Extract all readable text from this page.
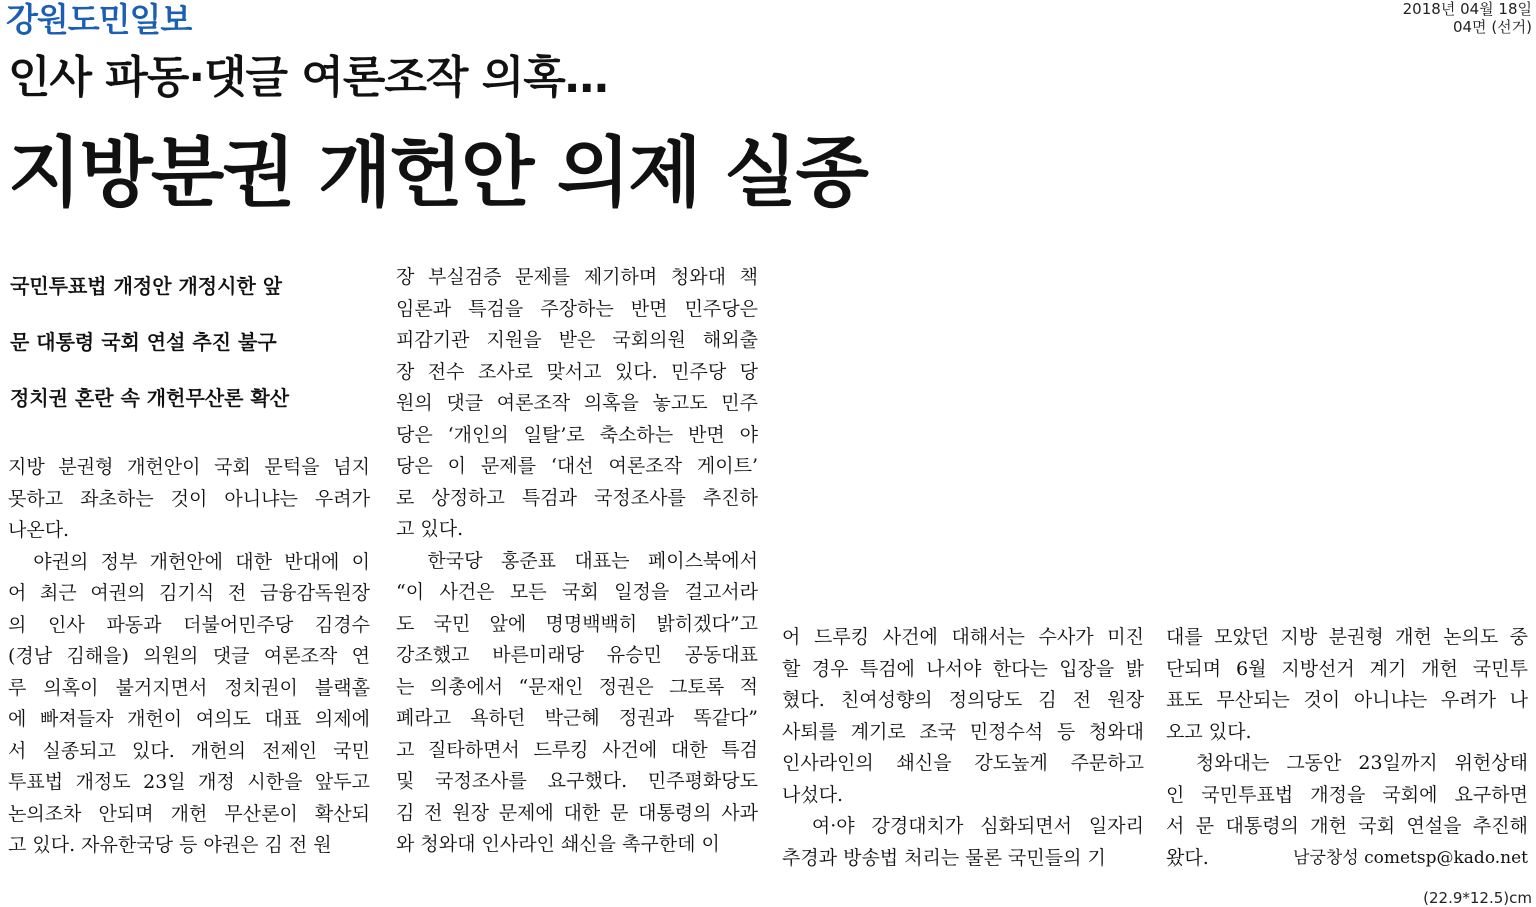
강원도민일보	2018년 04월 18일
04면 (선거)
인사 파동·댓글 여론조작 의혹…
지방분권 개헌안 의제 실종
국민투표법 개정안 개정시한 앞
문 대통령 국회 연설 추진 불구
정치권 혼란 속 개헌무산론 확산
지방 분권형 개헌안이 국회 문턱을 넘지
못하고 좌초하는 것이 아니냐는 우려가
나온다.
　야권의 정부 개헌안에 대한 반대에 이
어 최근 여권의 김기식 전 금융감독원장
의 인사 파동과 더불어민주당 김경수
(경남 김해을) 의원의 댓글 여론조작 연
루 의혹이 불거지면서 정치권이 블랙홀
에 빠져들자 개헌이 여의도 대표 의제에
서 실종되고 있다. 개헌의 전제인 국민
투표법 개정도 23일 개정 시한을 앞두고
논의조차 안되며 개헌 무산론이 확산되
고 있다. 자유한국당 등 야권은 김 전 원
장 부실검증 문제를 제기하며 청와대 책
임론과 특검을 주장하는 반면 민주당은
피감기관 지원을 받은 국회의원 해외출
장 전수 조사로 맞서고 있다. 민주당 당
원의 댓글 여론조작 의혹을 놓고도 민주
당은 ‘개인의 일탈’로 축소하는 반면 야
당은 이 문제를 ‘대선 여론조작 게이트’
로 상정하고 특검과 국정조사를 추진하
고 있다.
　한국당 홍준표 대표는 페이스북에서
“이 사건은 모든 국회 일정을 걸고서라
도 국민 앞에 명명백백히 밝히겠다”고
강조했고 바른미래당 유승민 공동대표
는 의총에서 “문재인 정권은 그토록 적
폐라고 욕하던 박근혜 정권과 똑같다”
고 질타하면서 드루킹 사건에 대한 특검
및 국정조사를 요구했다. 민주평화당도
김 전 원장 문제에 대한 문 대통령의 사과
와 청와대 인사라인 쇄신을 촉구한데 이
어 드루킹 사건에 대해서는 수사가 미진
할 경우 특검에 나서야 한다는 입장을 밝
혔다. 친여성향의 정의당도 김 전 원장
사퇴를 계기로 조국 민정수석 등 청와대
인사라인의 쇄신을 강도높게 주문하고
나섰다.
　여·야 강경대치가 심화되면서 일자리
추경과 방송법 처리는 물론 국민들의 기
대를 모았던 지방 분권형 개헌 논의도 중
단되며 6월 지방선거 계기 개헌 국민투
표도 무산되는 것이 아니냐는 우려가 나
오고 있다.
　청와대는 그동안 23일까지 위헌상태
인 국민투표법 개정을 국회에 요구하면
서 문 대통령의 개헌 국회 연설을 추진해
왔다.	남궁창성 cometsp@kado.net
(22.9*12.5)cm
